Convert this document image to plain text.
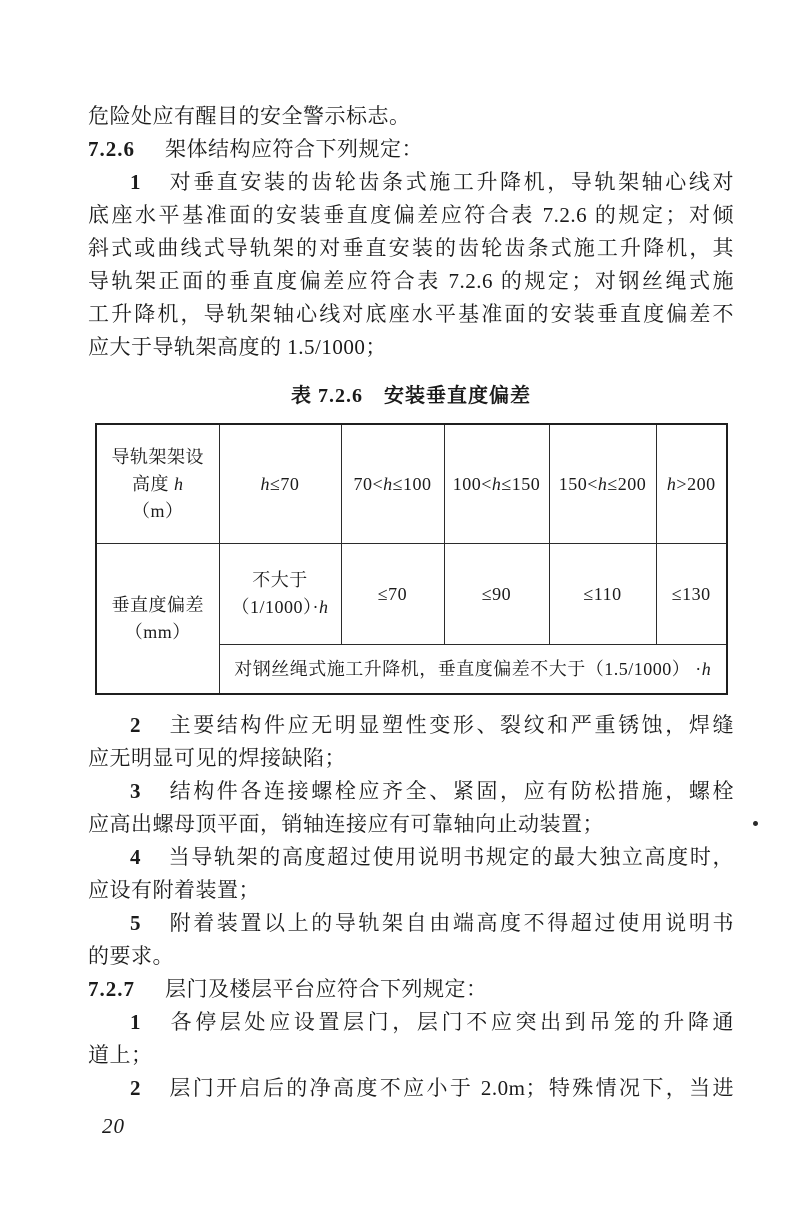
危险处应有醒目的安全警示标志。
7.2.6 架体结构应符合下列规定：
1 对垂直安装的齿轮齿条式施工升降机，导轨架轴心线对
底座水平基准面的安装垂直度偏差应符合表 7.2.6 的规定；对倾
斜式或曲线式导轨架的对垂直安装的齿轮齿条式施工升降机，其
导轨架正面的垂直度偏差应符合表 7.2.6 的规定；对钢丝绳式施
工升降机，导轨架轴心线对底座水平基准面的安装垂直度偏差不
应大于导轨架高度的 1.5/1000；
表 7.2.6　安装垂直度偏差
导轨架架设
高度 h
（m）	h≤70	70<h≤100	100<h≤150	150<h≤200	h>200

垂直度偏差
（mm）	不大于
（1/1000）·h	≤70	≤90	≤110	≤130
	对钢丝绳式施工升降机，垂直度偏差不大于（1.5/1000） ·h				
2 主要结构件应无明显塑性变形、裂纹和严重锈蚀，焊缝
应无明显可见的焊接缺陷；
3 结构件各连接螺栓应齐全、紧固，应有防松措施，螺栓
应高出螺母顶平面，销轴连接应有可靠轴向止动装置；
4 当导轨架的高度超过使用说明书规定的最大独立高度时，
应设有附着装置；
5 附着装置以上的导轨架自由端高度不得超过使用说明书
的要求。
7.2.7 层门及楼层平台应符合下列规定：
1 各停层处应设置层门，层门不应突出到吊笼的升降通
道上；
2 层门开启后的净高度不应小于 2.0m；特殊情况下，当进
20
